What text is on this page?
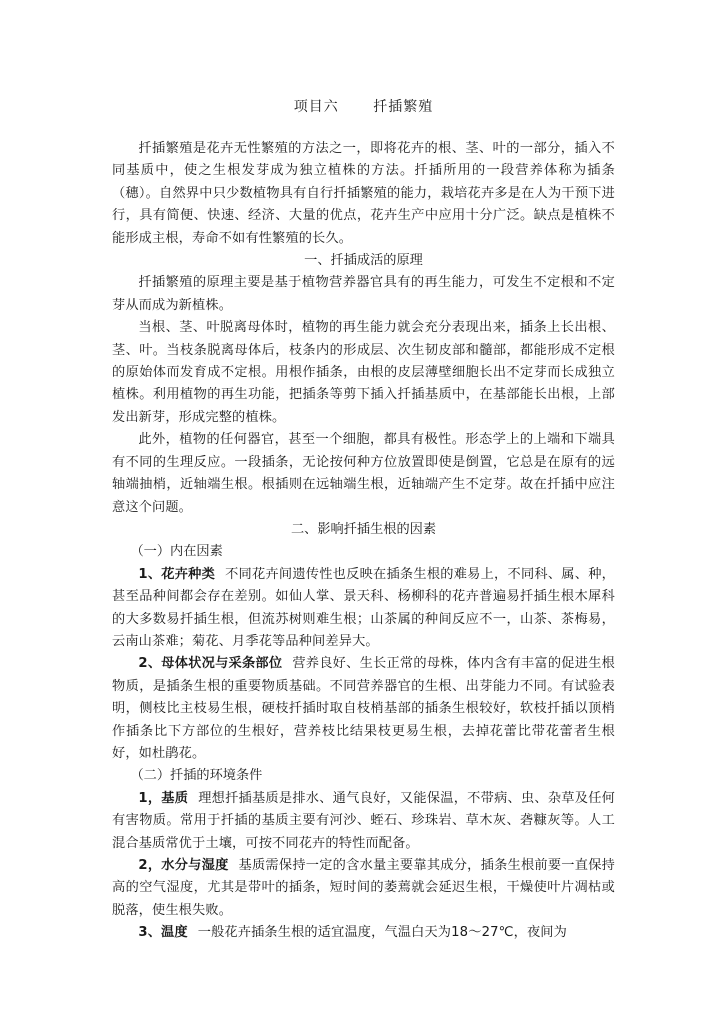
项目六　 扦插繁殖

扦插繁殖是花卉无性繁殖的方法之一，即将花卉的根、茎、叶的一部分，插入不同基质中，使之生根发芽成为独立植株的方法。扦插所用的一段营养体称为插条（穗）。自然界中只少数植物具有自行扦插繁殖的能力，栽培花卉多是在人为干预下进行，具有简便、快速、经济、大量的优点，花卉生产中应用十分广泛。缺点是植株不能形成主根，寿命不如有性繁殖的长久。

一、扦插成活的原理

扦插繁殖的原理主要是基于植物营养器官具有的再生能力，可发生不定根和不定芽从而成为新植株。

当根、茎、叶脱离母体时，植物的再生能力就会充分表现出来，插条上长出根、茎、叶。当枝条脱离母体后，枝条内的形成层、次生韧皮部和髓部，都能形成不定根的原始体而发育成不定根。用根作插条，由根的皮层薄壁细胞长出不定芽而长成独立植株。利用植物的再生功能，把插条等剪下插入扦插基质中，在基部能长出根，上部发出新芽，形成完整的植株。

此外，植物的任何器官，甚至一个细胞，都具有极性。形态学上的上端和下端具有不同的生理反应。一段插条，无论按何种方位放置即使是倒置，它总是在原有的远轴端抽梢，近轴端生根。根插则在远轴端生根，近轴端产生不定芽。故在扦插中应注意这个问题。

二、影响扦插生根的因素

（一）内在因素

1、花卉种类 不同花卉间遗传性也反映在插条生根的难易上，不同科、属、种，甚至品种间都会存在差别。如仙人掌、景天科、杨柳科的花卉普遍易扦插生根木犀科的大多数易扦插生根，但流苏树则难生根；山茶属的种间反应不一，山茶、茶梅易，云南山茶难；菊花、月季花等品种间差异大。

2、母体状况与采条部位 营养良好、生长正常的母株，体内含有丰富的促进生根物质，是插条生根的重要物质基础。不同营养器官的生根、出芽能力不同。有试验表明，侧枝比主枝易生根，硬枝扦插时取自枝梢基部的插条生根较好，软枝扦插以顶梢作插条比下方部位的生根好，营养枝比结果枝更易生根，去掉花蕾比带花蕾者生根好，如杜鹃花。

（二）扦插的环境条件

1，基质 理想扦插基质是排水、通气良好，又能保温，不带病、虫、杂草及任何有害物质。常用于扦插的基质主要有河沙、蛭石、珍珠岩、草木灰、砻糠灰等。人工混合基质常优于土壤，可按不同花卉的特性而配备。

2，水分与湿度 基质需保持一定的含水量主要靠其成分，插条生根前要一直保持高的空气湿度，尤其是带叶的插条，短时间的萎蔫就会延迟生根，干燥使叶片凋枯或脱落，使生根失败。

3、温度 一般花卉插条生根的适宜温度，气温白天为18～27℃，夜间为
